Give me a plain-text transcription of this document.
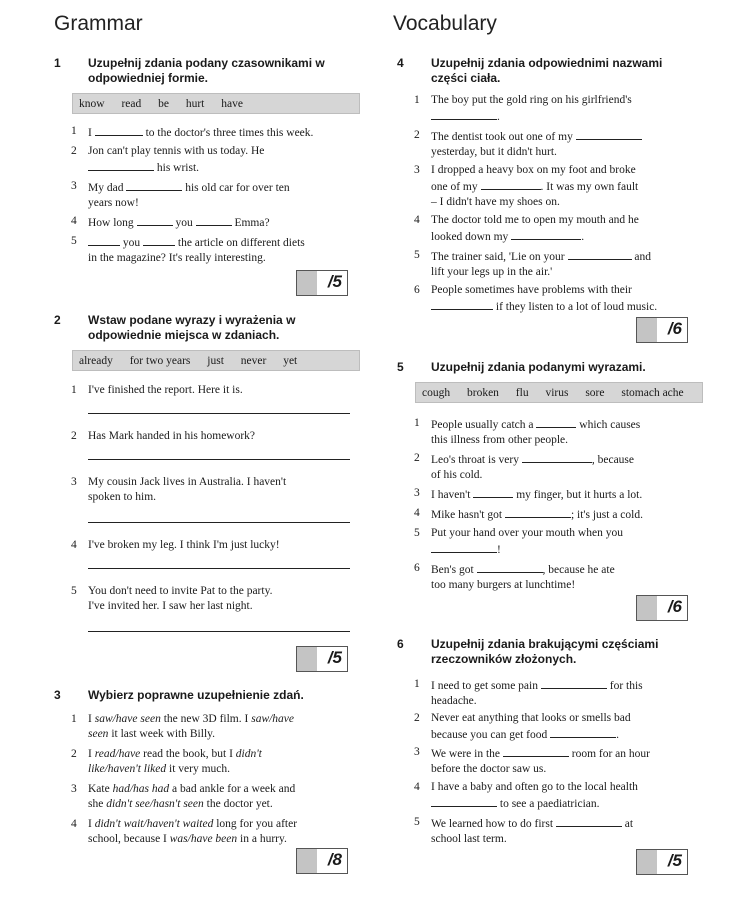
Grammar
1 Uzupełnij zdania podany czasownikami w odpowiedniej formie.
know read be hurt have
1 I	to the doctor's three times this week.
2 Jon can't play tennis with us today. He
his wrist.
3 My dad	his old car for over ten
years now!
4 How long	you	Emma?
5	you	the article on different diets
in the magazine? It's really interesting.
/5
2 Wstaw podane wyrazy i wyrażenia w odpowiednie miejsca w zdaniach.
already for two years just never yet
1 I've finished the report. Here it is.
2 Has Mark handed in his homework?
3 My cousin Jack lives in Australia. I haven't
spoken to him.
4 I've broken my leg. I think I'm just lucky!
5 You don't need to invite Pat to the party.
I've invited her. I saw her last night.
/5
3 Wybierz poprawne uzupełnienie zdań.
1 I saw/have seen the new 3D film. I saw/have
seen it last week with Billy.
2 I read/have read the book, but I didn't
like/haven't liked it very much.
3 Kate had/has had a bad ankle for a week and
she didn't see/hasn't seen the doctor yet.
4 I didn't wait/haven't waited long for you after
school, because I was/have been in a hurry.
/8
Vocabulary
4 Uzupełnij zdania odpowiednimi nazwami części ciała.
1 The boy put the gold ring on his girlfriend's
.
2 The dentist took out one of my
yesterday, but it didn't hurt.
3 I dropped a heavy box on my foot and broke
one of my	. It was my own fault
– I didn't have my shoes on.
4 The doctor told me to open my mouth and he
looked down my	.
5 The trainer said, 'Lie on your	and
lift your legs up in the air.'
6 People sometimes have problems with their
if they listen to a lot of loud music.
/6
5 Uzupełnij zdania podanymi wyrazami.
cough broken flu virus sore stomach ache
1 People usually catch a	which causes
this illness from other people.
2 Leo's throat is very	, because
of his cold.
3 I haven't	my finger, but it hurts a lot.
4 Mike hasn't got	; it's just a cold.
5 Put your hand over your mouth when you
!
6 Ben's got	, because he ate
too many burgers at lunchtime!
/6
6 Uzupełnij zdania brakującymi częściami rzeczowników złożonych.
1 I need to get some pain	for this
headache.
2 Never eat anything that looks or smells bad
because you can get food	.
3 We were in the	room for an hour
before the doctor saw us.
4 I have a baby and often go to the local health
to see a paediatrician.
5 We learned how to do first	at
school last term.
/5
